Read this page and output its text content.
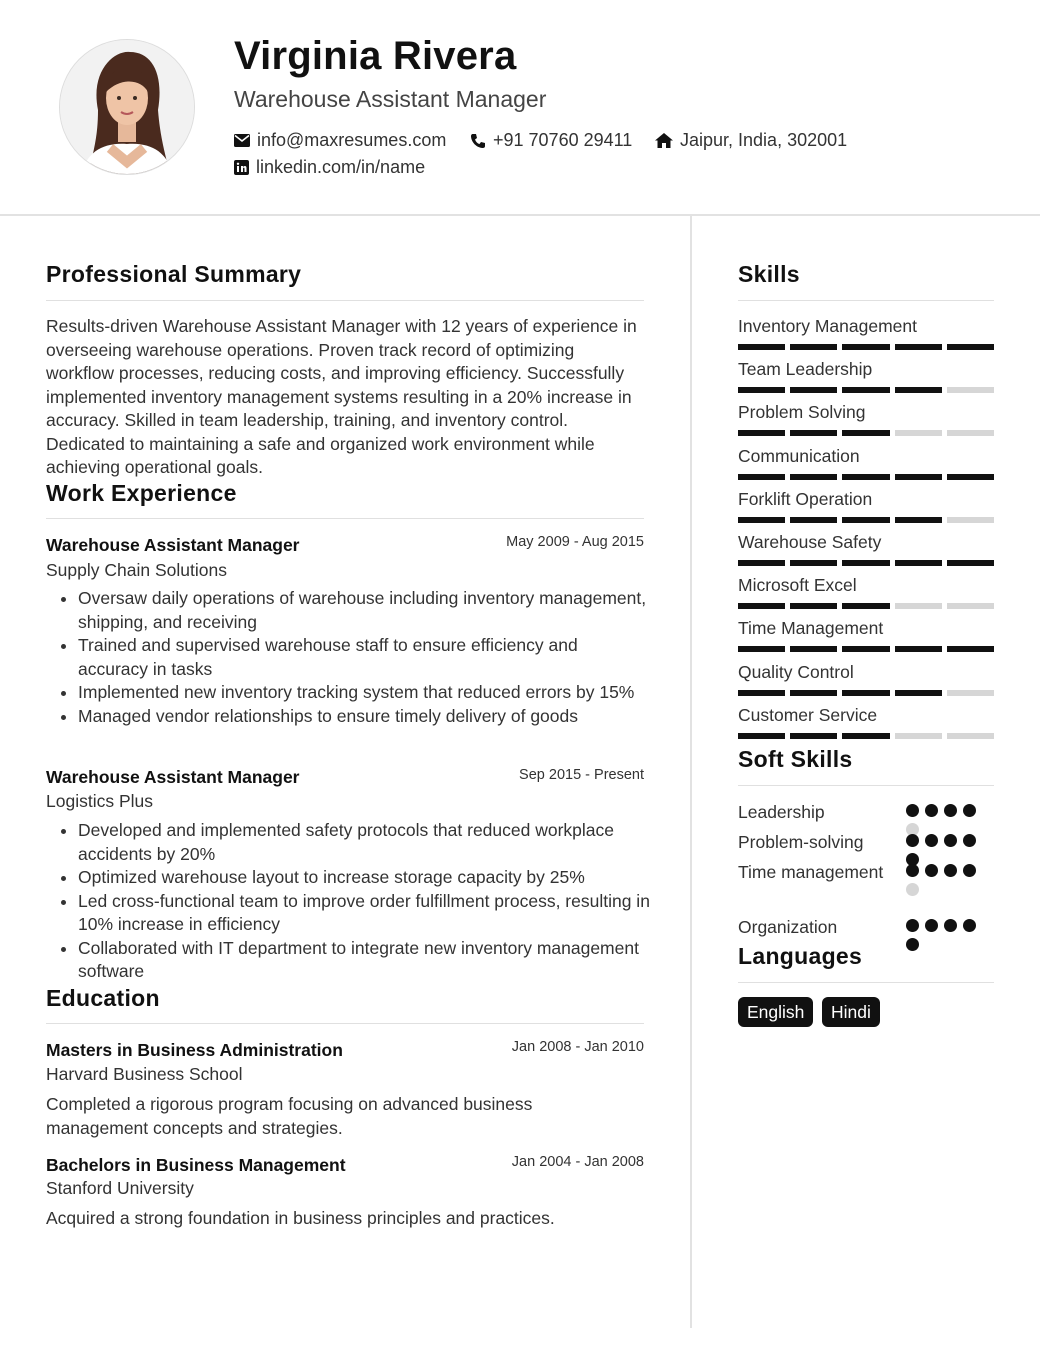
Virginia Rivera
Warehouse Assistant Manager
info@maxresumes.com	+91 70760 29411	Jaipur, India, 302001
linkedin.com/in/name
Professional Summary
Results-driven Warehouse Assistant Manager with 12 years of experience in overseeing warehouse operations. Proven track record of optimizing workflow processes, reducing costs, and improving efficiency. Successfully implemented inventory management systems resulting in a 20% increase in accuracy. Skilled in team leadership, training, and inventory control. Dedicated to maintaining a safe and organized work environment while achieving operational goals.
Work Experience
Warehouse Assistant Manager	May 2009 - Aug 2015
Supply Chain Solutions
• Oversaw daily operations of warehouse including inventory management, shipping, and receiving
• Trained and supervised warehouse staff to ensure efficiency and accuracy in tasks
• Implemented new inventory tracking system that reduced errors by 15%
• Managed vendor relationships to ensure timely delivery of goods
Warehouse Assistant Manager	Sep 2015 - Present
Logistics Plus
• Developed and implemented safety protocols that reduced workplace accidents by 20%
• Optimized warehouse layout to increase storage capacity by 25%
• Led cross-functional team to improve order fulfillment process, resulting in 10% increase in efficiency
• Collaborated with IT department to integrate new inventory management software
Education
Masters in Business Administration	Jan 2008 - Jan 2010
Harvard Business School
Completed a rigorous program focusing on advanced business management concepts and strategies.
Bachelors in Business Management	Jan 2004 - Jan 2008
Stanford University
Acquired a strong foundation in business principles and practices.
Skills
Inventory Management
Team Leadership
Problem Solving
Communication
Forklift Operation
Warehouse Safety
Microsoft Excel
Time Management
Quality Control
Customer Service
Soft Skills
Leadership
Problem-solving
Time management
Organization
Languages
English	Hindi
